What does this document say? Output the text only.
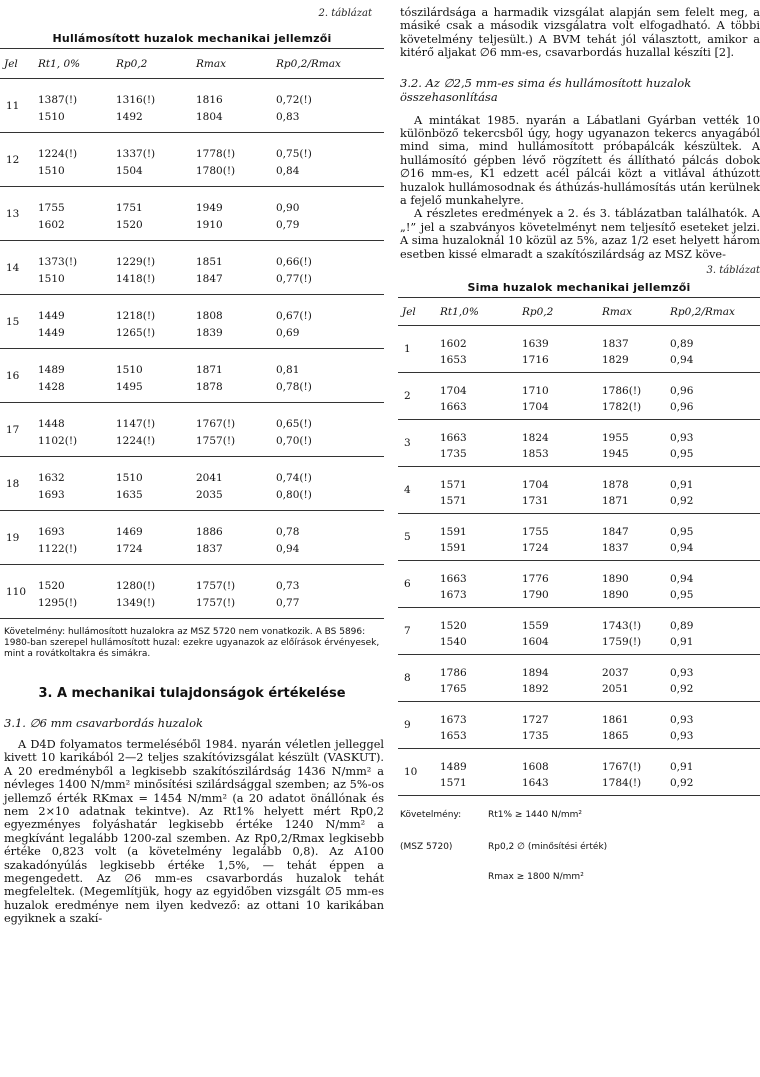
2. táblázat
Hullámosított huzalok mechanikai jellemzői
Jel	Rt1, 0%	Rp0,2	Rmax	Rp0,2/Rmax
11	1387(!)	1316(!)	1816	0,72(!)
	1510	1492	1804	0,83
12	1224(!)	1337(!)	1778(!)	0,75(!)
	1510	1504	1780(!)	0,84
13	1755	1751	1949	0,90
	1602	1520	1910	0,79
14	1373(!)	1229(!)	1851	0,66(!)
	1510	1418(!)	1847	0,77(!)
15	1449	1218(!)	1808	0,67(!)
	1449	1265(!)	1839	0,69
16	1489	1510	1871	0,81
	1428	1495	1878	0,78(!)
17	1448	1147(!)	1767(!)	0,65(!)
	1102(!)	1224(!)	1757(!)	0,70(!)
18	1632	1510	2041	0,74(!)
	1693	1635	2035	0,80(!)
19	1693	1469	1886	0,78
	1122(!)	1724	1837	0,94
110	1520	1280(!)	1757(!)	0,73
	1295(!)	1349(!)	1757(!)	0,77
Követelmény: hullámosított huzalokra az MSZ 5720 nem vonatkozik. A BS 5896: 1980-ban szerepel hullámosított huzal: ezekre ugyanazok az előírások érvényesek, mint a rovátkoltakra és simákra.
3. A mechanikai tulajdonságok értékelése
3.1. ∅6 mm csavarbordás huzalok
A D4D folyamatos termeléséből 1984. nyarán véletlen jelleggel kivett 10 karikából 2—2 teljes szakítóvizsgálat készült (VASKUT). A 20 eredményből a legkisebb szakítószilárdság 1436 N/mm² a névleges 1400 N/mm² minősítési szilárdsággal szemben; az 5%-os jellemző érték RKmax = 1454 N/mm² (a 20 adatot önállónak és nem 2×10 adatnak tekintve). Az Rt1% helyett mért Rp0,2 egyezményes folyáshatár legkisebb értéke 1240 N/mm² a megkívánt legalább 1200-zal szemben. Az Rp0,2/Rmax legkisebb értéke 0,823 volt (a követelmény legalább 0,8). Az A100 szakadónyúlás legkisebb értéke 1,5%, — tehát éppen a megengedett. Az ∅6 mm-es csavarbordás huzalok tehát megfeleltek. (Megemlítjük, hogy az egyidőben vizsgált ∅5 mm-es huzalok eredménye nem ilyen kedvező: az ottani 10 karikában egyiknek a szakí-
tószilárdsága a harmadik vizsgálat alapján sem felelt meg, a másiké csak a második vizsgálatra volt elfogadható. A többi követelmény teljesült.) A BVM tehát jól választott, amikor a kitérő aljakat ∅6 mm-es, csavarbordás huzallal készíti [2].
3.2. Az ∅2,5 mm-es sima és hullámosított huzalok összehasonlítása
A mintákat 1985. nyarán a Lábatlani Gyárban vették 10 különböző tekercsből úgy, hogy ugyanazon tekercs anyagából mind sima, mind hullámosított próbapálcák készültek. A hullámosító gépben lévő rögzített és állítható pálcás dobok ∅16 mm-es, K1 edzett acél pálcái közt a vitlával áthúzott huzalok hullámosodnak és áthúzás-hullámosítás után kerülnek a fejelő munkahelyre.
A részletes eredmények a 2. és 3. táblázatban találhatók. A „!” jel a szabványos követelményt nem teljesítő eseteket jelzi. A sima huzaloknál 10 közül az 5%, azaz 1/2 eset helyett három esetben kissé elmaradt a szakítószilárdság az MSZ köve-
3. táblázat
Sima huzalok mechanikai jellemzői
Jel	Rt1,0%	Rp0,2	Rmax	Rp0,2/Rmax
1	1602	1639	1837	0,89
	1653	1716	1829	0,94
2	1704	1710	1786(!)	0,96
	1663	1704	1782(!)	0,96
3	1663	1824	1955	0,93
	1735	1853	1945	0,95
4	1571	1704	1878	0,91
	1571	1731	1871	0,92
5	1591	1755	1847	0,95
	1591	1724	1837	0,94
6	1663	1776	1890	0,94
	1673	1790	1890	0,95
7	1520	1559	1743(!)	0,89
	1540	1604	1759(!)	0,91
8	1786	1894	2037	0,93
	1765	1892	2051	0,92
9	1673	1727	1861	0,93
	1653	1735	1865	0,93
10	1489	1608	1767(!)	0,91
	1571	1643	1784(!)	0,92
Követelmény:	Rt1% ≥ 1440 N/mm²
(MSZ 5720)	Rp0,2 ∅ (minősítési érték)
Rmax ≥ 1800 N/mm²
